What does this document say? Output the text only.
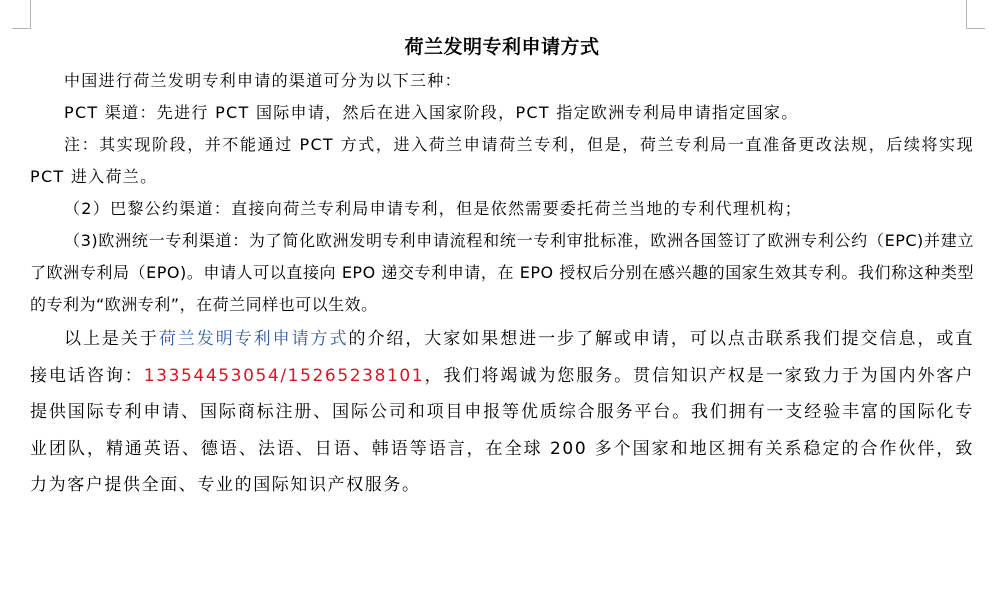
荷兰发明专利申请方式

中国进行荷兰发明专利申请的渠道可分为以下三种：

PCT 渠道：先进行 PCT 国际申请，然后在进入国家阶段，PCT 指定欧洲专利局申请指定国家。

注：其实现阶段，并不能通过 PCT 方式，进入荷兰申请荷兰专利，但是，荷兰专利局一直准备更改法规，后续将实现 PCT 进入荷兰。

（2）巴黎公约渠道：直接向荷兰专利局申请专利，但是依然需要委托荷兰当地的专利代理机构；

（3)欧洲统一专利渠道：为了简化欧洲发明专利申请流程和统一专利审批标准，欧洲各国签订了欧洲专利公约（EPC)并建立了欧洲专利局（EPO)。申请人可以直接向 EPO 递交专利申请，在 EPO 授权后分别在感兴趣的国家生效其专利。我们称这种类型的专利为“欧洲专利”，在荷兰同样也可以生效。

以上是关于荷兰发明专利申请方式的介绍，大家如果想进一步了解或申请，可以点击联系我们提交信息，或直接电话咨询：13354453054/15265238101，我们将竭诚为您服务。贯信知识产权是一家致力于为国内外客户提供国际专利申请、国际商标注册、国际公司和项目申报等优质综合服务平台。我们拥有一支经验丰富的国际化专业团队，精通英语、德语、法语、日语、韩语等语言，在全球 200 多个国家和地区拥有关系稳定的合作伙伴，致力为客户提供全面、专业的国际知识产权服务。
